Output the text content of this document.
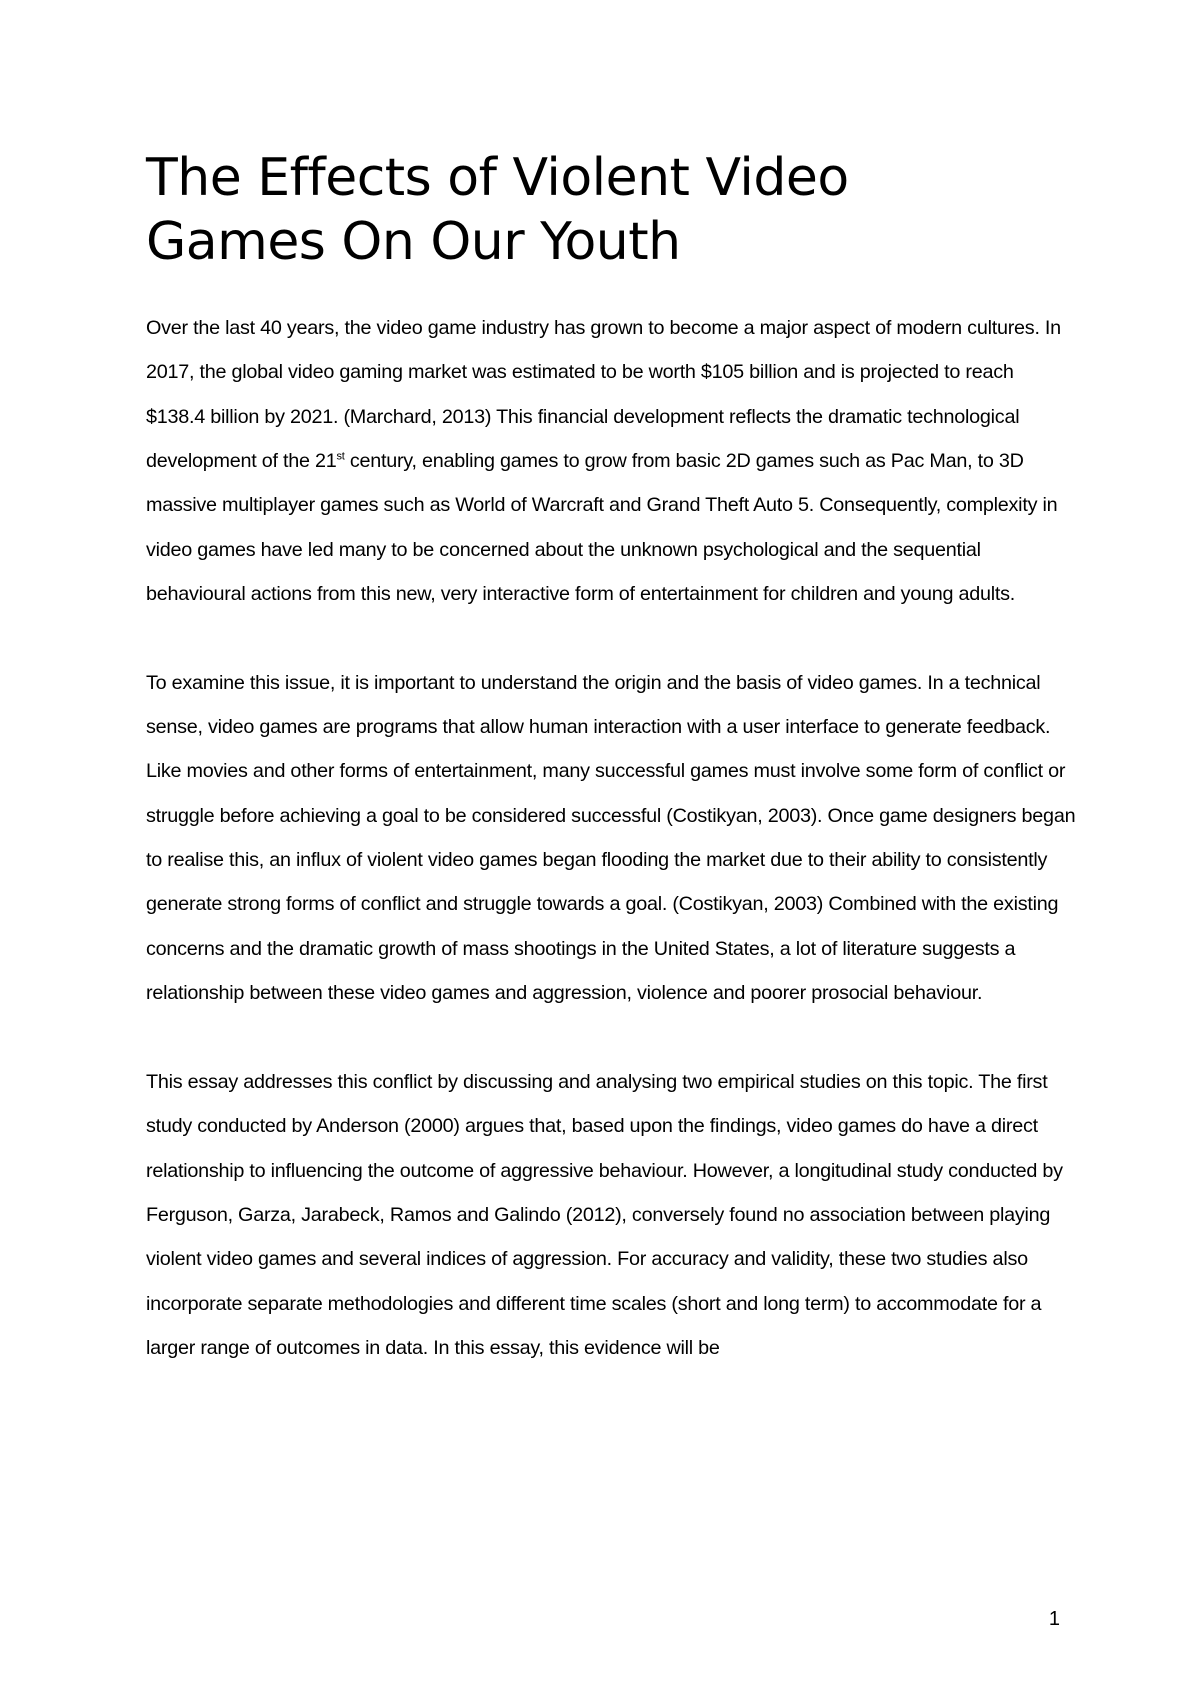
The Effects of Violent Video
Games On Our Youth

Over the last 40 years, the video game industry has grown to become a major aspect of modern cultures. In 2017, the global video gaming market was estimated to be worth $105 billion and is projected to reach $138.4 billion by 2021. (Marchard, 2013) This financial development reflects the dramatic technological development of the 21st century, enabling games to grow from basic 2D games such as Pac Man, to 3D massive multiplayer games such as World of Warcraft and Grand Theft Auto 5. Consequently, complexity in video games have led many to be concerned about the unknown psychological and the sequential behavioural actions from this new, very interactive form of entertainment for children and young adults.

To examine this issue, it is important to understand the origin and the basis of video games. In a technical sense, video games are programs that allow human interaction with a user interface to generate feedback. Like movies and other forms of entertainment, many successful games must involve some form of conflict or struggle before achieving a goal to be considered successful (Costikyan, 2003). Once game designers began to realise this, an influx of violent video games began flooding the market due to their ability to consistently generate strong forms of conflict and struggle towards a goal. (Costikyan, 2003) Combined with the existing concerns and the dramatic growth of mass shootings in the United States, a lot of literature suggests a relationship between these video games and aggression, violence and poorer prosocial behaviour.

This essay addresses this conflict by discussing and analysing two empirical studies on this topic. The first study conducted by Anderson (2000) argues that, based upon the findings, video games do have a direct relationship to influencing the outcome of aggressive behaviour. However, a longitudinal study conducted by Ferguson, Garza, Jarabeck, Ramos and Galindo (2012), conversely found no association between playing violent video games and several indices of aggression. For accuracy and validity, these two studies also incorporate separate methodologies and different time scales (short and long term) to accommodate for a larger range of outcomes in data. In this essay, this evidence will be

1
